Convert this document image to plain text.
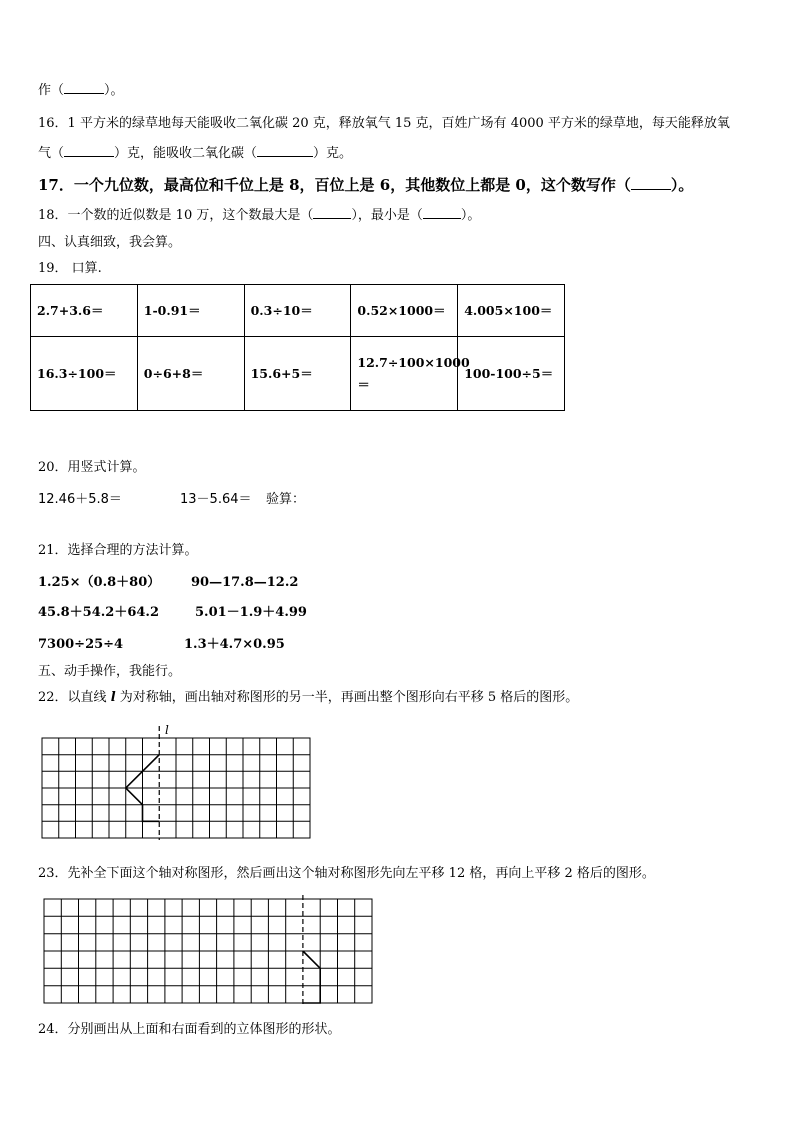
作（	）。
16．1 平方米的绿草地每天能吸收二氧化碳 20 克，释放氧气 15 克，百姓广场有 4000 平方米的绿草地，每天能释放氧
气（	）克，能吸收二氧化碳（	）克。
17．一个九位数，最高位和千位上是 8，百位上是 6，其他数位上都是 0，这个数写作（	）。
18．一个数的近似数是 10 万，这个数最大是（	），最小是（	）。
四、认真细致，我会算。
19． 口算.
2.7+3.6＝	1-0.91＝	0.3÷10＝	0.52×1000＝	4.005×100＝
16.3÷100＝	0÷6+8＝	15.6+5＝	12.7÷100×1000 ＝	100-100÷5＝
20．用竖式计算。
12.46＋5.8＝	13－5.64＝ 验算：
21．选择合理的方法计算。
1.25×（0.8＋80） 90—17.8—12.2
45.8＋54.2＋64.2	5.01－1.9＋4.99
7300÷25÷4	1.3＋4.7×0.95
五、动手操作，我能行。
22．以直线 l 为对称轴，画出轴对称图形的另一半，再画出整个图形向右平移 5 格后的图形。
l
23．先补全下面这个轴对称图形，然后画出这个轴对称图形先向左平移 12 格，再向上平移 2 格后的图形。
24．分别画出从上面和右面看到的立体图形的形状。
